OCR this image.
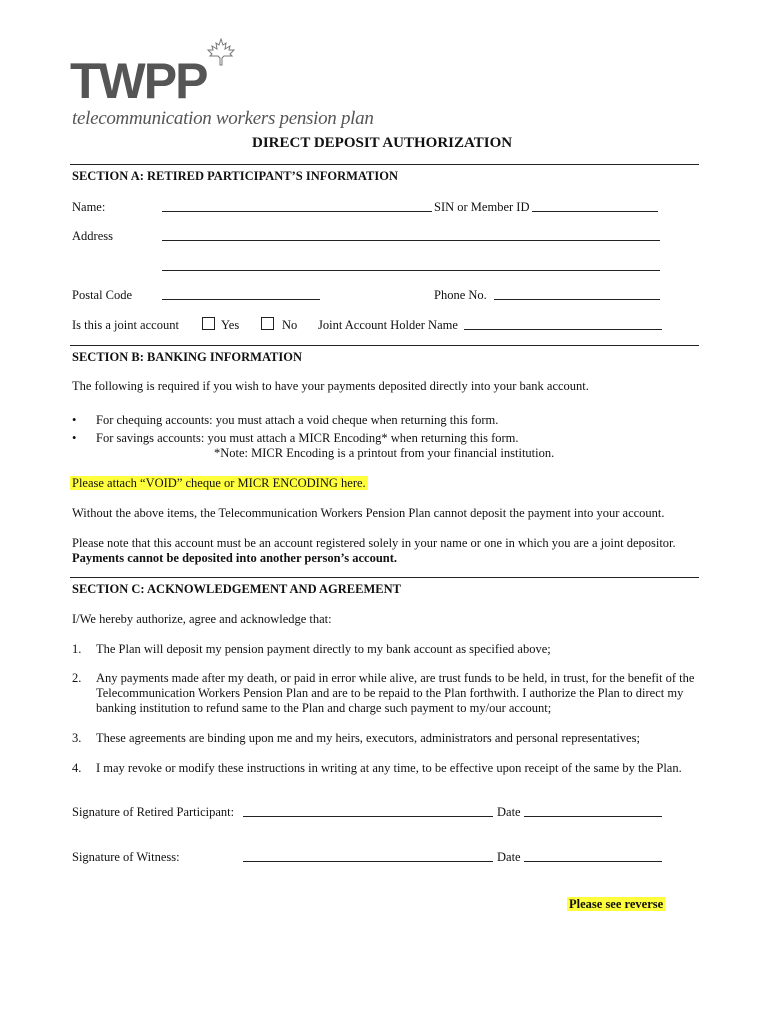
TWPP
telecommunication workers pension plan
DIRECT DEPOSIT AUTHORIZATION
SECTION A: RETIRED PARTICIPANT’S INFORMATION
Name:	SIN or Member ID
Address
Postal Code	Phone No.
Is this a joint account	Yes	No Joint Account Holder Name
SECTION B: BANKING INFORMATION
The following is required if you wish to have your payments deposited directly into your bank account.
• For chequing accounts: you must attach a void cheque when returning this form.
• For savings accounts: you must attach a MICR Encoding* when returning this form.
*Note: MICR Encoding is a printout from your financial institution.
Please attach “VOID” cheque or MICR ENCODING here.
Without the above items, the Telecommunication Workers Pension Plan cannot deposit the payment into your account.
Please note that this account must be an account registered solely in your name or one in which you are a joint depositor.
Payments cannot be deposited into another person’s account.
SECTION C: ACKNOWLEDGEMENT AND AGREEMENT
I/We hereby authorize, agree and acknowledge that:
1. The Plan will deposit my pension payment directly to my bank account as specified above;
2. Any payments made after my death, or paid in error while alive, are trust funds to be held, in trust, for the benefit of the Telecommunication Workers Pension Plan and are to be repaid to the Plan forthwith. I authorize the Plan to direct my banking institution to refund same to the Plan and charge such payment to my/our account;
3. These agreements are binding upon me and my heirs, executors, administrators and personal representatives;
4. I may revoke or modify these instructions in writing at any time, to be effective upon receipt of the same by the Plan.
Signature of Retired Participant:	Date
Signature of Witness:	Date
Please see reverse
